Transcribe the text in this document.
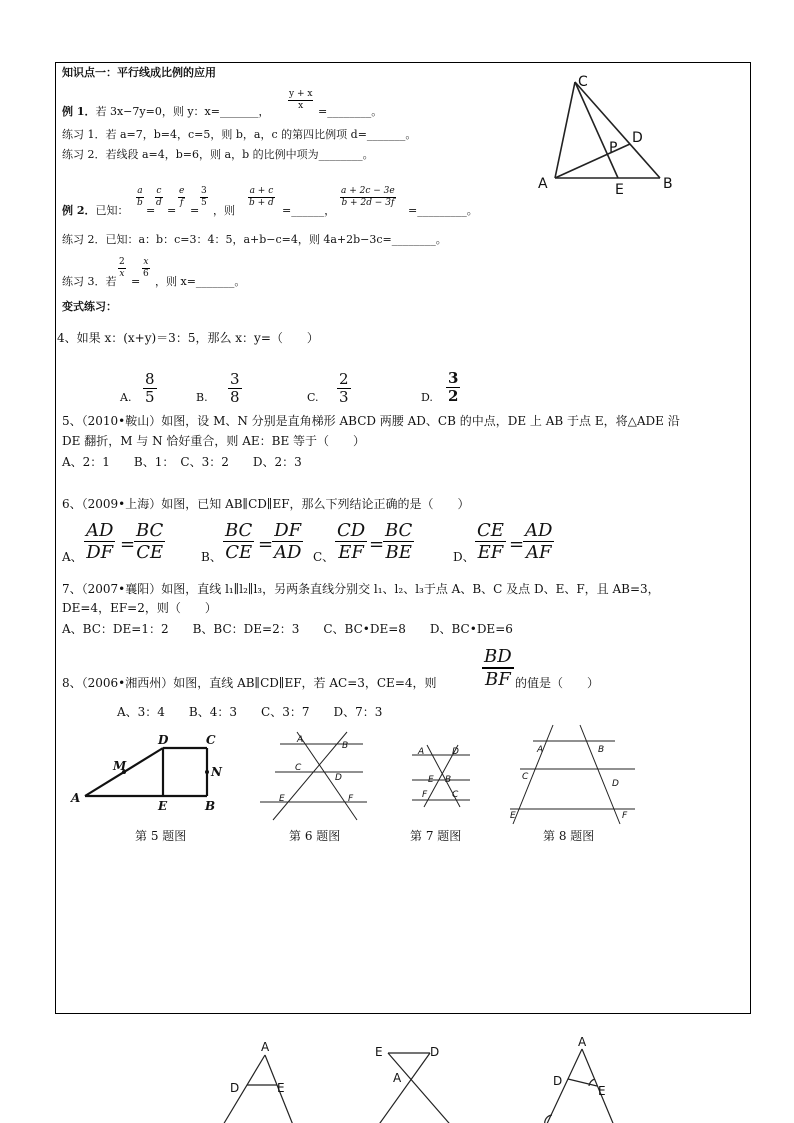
知识点一：平行线成比例的应用
例 1．若 3x−7y=0，则 y：x=_______， $\frac{y + x}{x}$ =________。
练习 1．若 a=7，b=4，c=5，则 b，a，c 的第四比例项 d=_______。
练习 2．若线段 a=4，b=6，则 a，b 的比例中项为________。
例 2．已知：
$\frac{a}{b}$
=
$\frac{c}{d}$
=
$\frac{e}{f}$
=
$\frac{3}{5}$
，则
$\frac{a + c}{b + d}$
=______，
$\frac{a + 2c - 3e}{b + 2d - 3f}$
=_________。
练习 2．已知：a：b：c=3：4：5，a+b−c=4，则 4a+2b−3c=________。
练习 3．若
$\frac{2}{x}$
=
$\frac{x}{6}$
，则 x=_______。
变式练习：
4、如果 x：(x+y)＝3：5，那么 x：y=（　　）
A. $\frac{8}{5}$	B. $\frac{3}{8}$	C. $\frac{2}{3}$	D. $\frac{3}{2}$
5、（2010•鞍山）如图，设 M、N 分别是直角梯形 ABCD 两腰 AD、CB 的中点，DE 上 AB 于点 E，将△ADE 沿
DE 翻折，M 与 N 恰好重合，则 AE：BE 等于（　　）
A、2：1　　B、1：　C、3：2　　D、2：3
6、（2009•上海）如图，已知 AB∥CD∥EF，那么下列结论正确的是（　　）
A、 $\frac{AD}{DF}$ =
$\frac{BC}{CE}$	B、 $\frac{BC}{CE}$ =
$\frac{DF}{AD}$ C、 $\frac{CD}{EF}$ =
$\frac{BC}{BE}$	D、 $\frac{CE}{EF}$ =
$\frac{AD}{AF}$
7、（2007•襄阳）如图，直线 l₁∥l₂∥l₃，另两条直线分别交 l₁、l₂、l₃于点 A、B、C 及点 D、E、F，且 AB=3，
DE=4，EF=2，则（　　）
A、BC：DE=1：2　　B、BC：DE=2：3　　C、BC•DE=8　　D、BC•DE=6
8、（2006•湘西州）如图，直线 AB∥CD∥EF，若 AC=3，CE=4，则	$\frac{BD}{BF}$ 的值是（　　）
A、3：4　　B、4：3　　C、3：7　　D、7：3
C
D
P
A	E	B
A
M
D	C
N
E	B
第 5 题图
A
B
C
D
E	F
第 6 题图
A	D
E B
F	C
第 7 题图
A	B
C
D
E	F
第 8 题图
A
D	E
E	D
A
A
D
E
